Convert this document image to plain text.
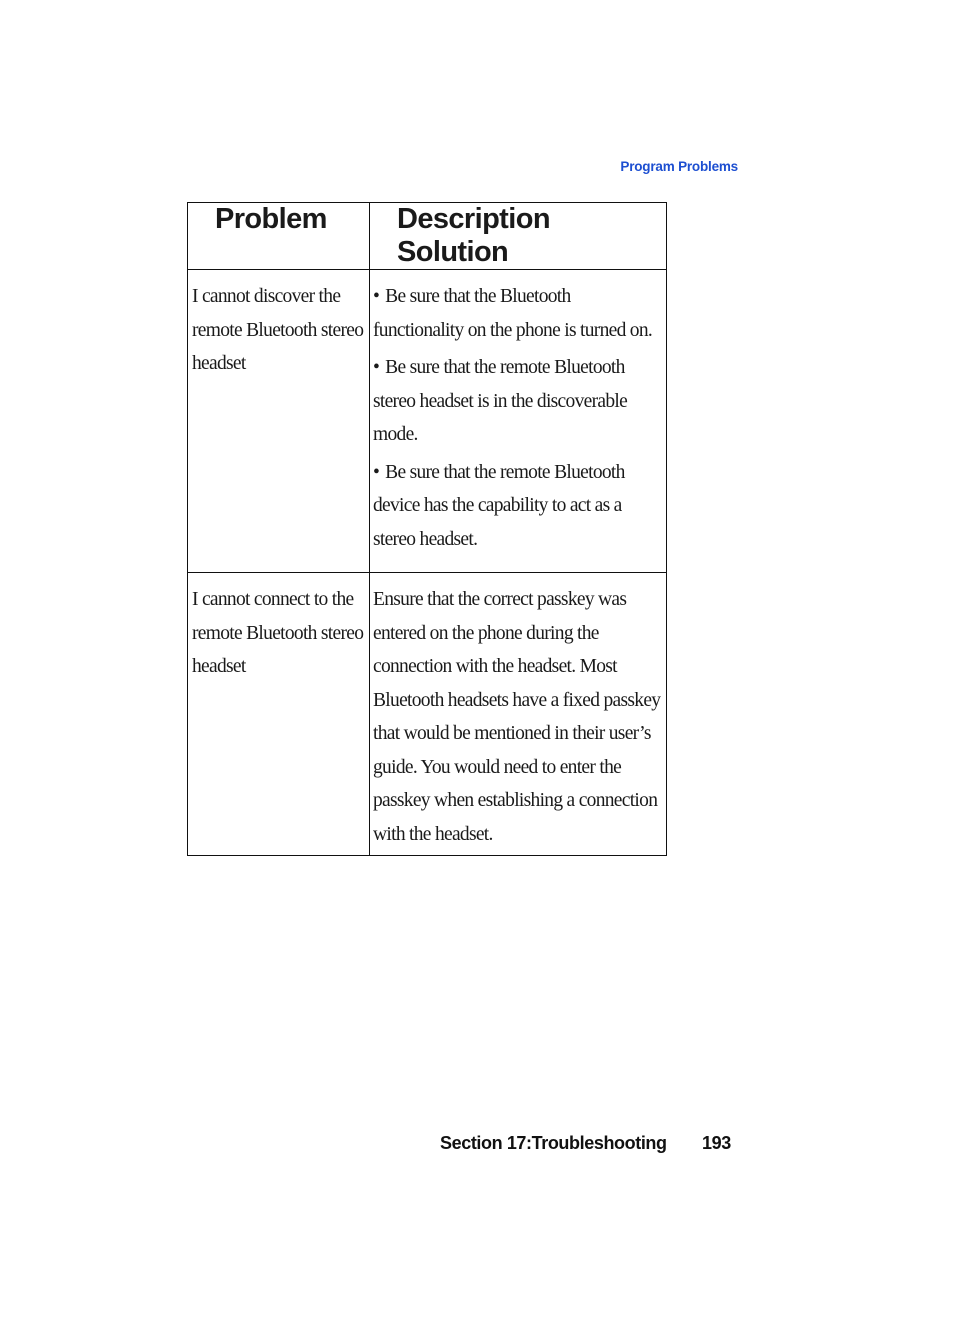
Program Problems
Problem	Description Solution

I cannot discover the remote Bluetooth stereo headset	• Be sure that the Bluetooth functionality on the phone is turned on.
• Be sure that the remote Bluetooth stereo headset is in the discoverable mode.
• Be sure that the remote Bluetooth device has the capability to act as a stereo headset.

I cannot connect to the remote Bluetooth stereo headset	Ensure that the correct passkey was entered on the phone during the connection with the headset. Most Bluetooth headsets have a fixed passkey that would be mentioned in their user’s guide. You would need to enter the passkey when establishing a connection with the headset.
Section 17:Troubleshooting 193
